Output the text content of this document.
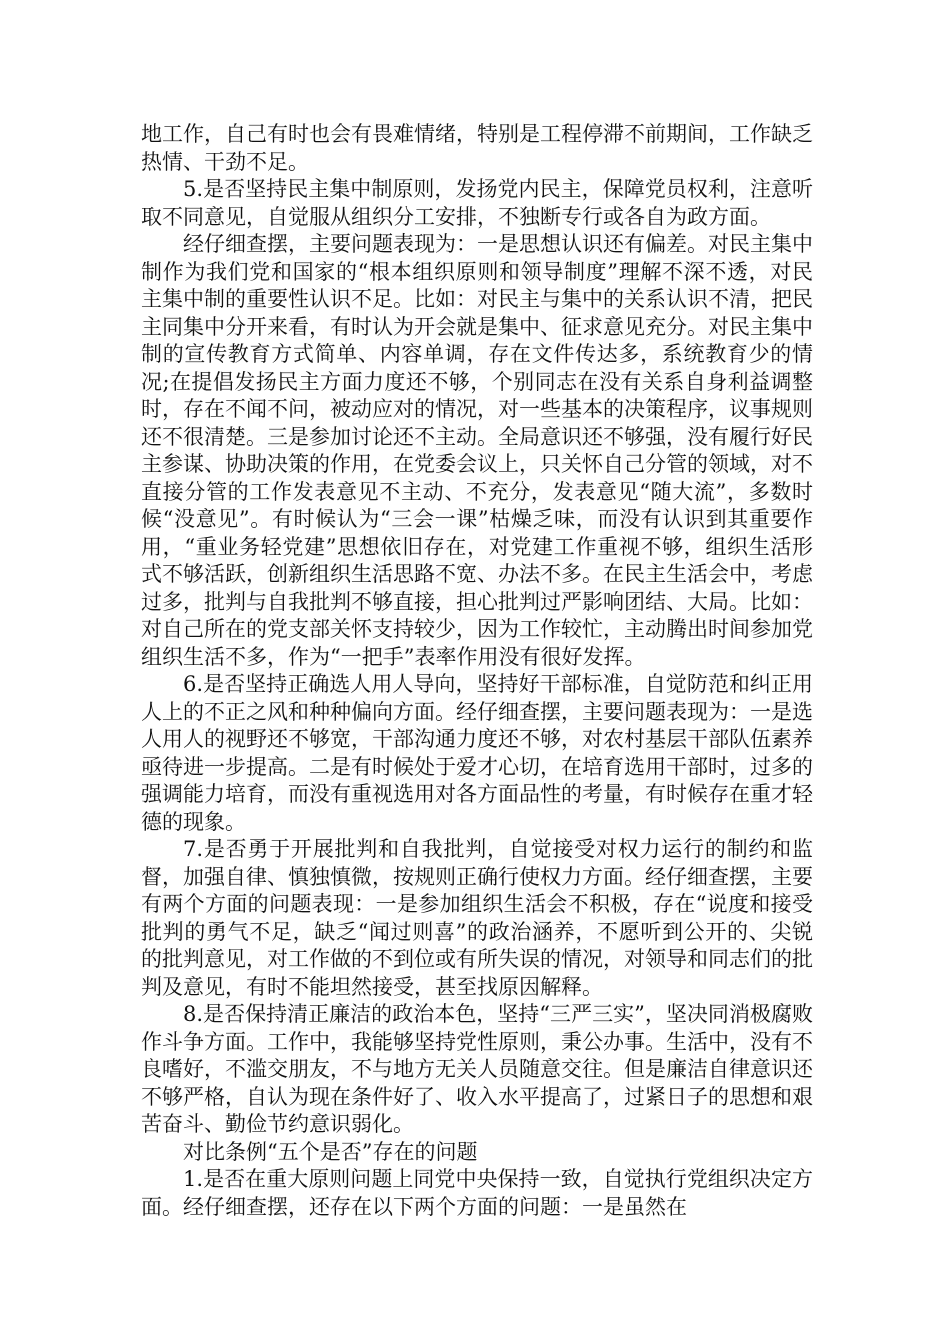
地工作，自己有时也会有畏难情绪，特别是工程停滞不前期间，工作缺乏热情、干劲不足。

5.是否坚持民主集中制原则，发扬党内民主，保障党员权利，注意听取不同意见，自觉服从组织分工安排，不独断专行或各自为政方面。

经仔细查摆，主要问题表现为：一是思想认识还有偏差。对民主集中制作为我们党和国家的“根本组织原则和领导制度”理解不深不透，对民主集中制的重要性认识不足。比如：对民主与集中的关系认识不清，把民主同集中分开来看，有时认为开会就是集中、征求意见充分。对民主集中制的宣传教育方式简单、内容单调，存在文件传达多，系统教育少的情况;在提倡发扬民主方面力度还不够，个别同志在没有关系自身利益调整时，存在不闻不问，被动应对的情况，对一些基本的决策程序，议事规则还不很清楚。三是参加讨论还不主动。全局意识还不够强，没有履行好民主参谋、协助决策的作用，在党委会议上，只关怀自己分管的领域，对不直接分管的工作发表意见不主动、不充分，发表意见“随大流”，多数时候“没意见”。有时候认为“三会一课”枯燥乏味，而没有认识到其重要作用，“重业务轻党建”思想依旧存在，对党建工作重视不够，组织生活形式不够活跃，创新组织生活思路不宽、办法不多。在民主生活会中，考虑过多，批判与自我批判不够直接，担心批判过严影响团结、大局。比如：对自己所在的党支部关怀支持较少，因为工作较忙，主动腾出时间参加党组织生活不多，作为“一把手”表率作用没有很好发挥。

6.是否坚持正确选人用人导向，坚持好干部标准，自觉防范和纠正用人上的不正之风和种种偏向方面。经仔细查摆，主要问题表现为：一是选人用人的视野还不够宽，干部沟通力度还不够，对农村基层干部队伍素养亟待进一步提高。二是有时候处于爱才心切，在培育选用干部时，过多的强调能力培育，而没有重视选用对各方面品性的考量，有时候存在重才轻德的现象。

7.是否勇于开展批判和自我批判，自觉接受对权力运行的制约和监督，加强自律、慎独慎微，按规则正确行使权力方面。经仔细查摆，主要有两个方面的问题表现：一是参加组织生活会不积极，存在“说度和接受批判的勇气不足，缺乏“闻过则喜”的政治涵养，不愿听到公开的、尖锐的批判意见，对工作做的不到位或有所失误的情况，对领导和同志们的批判及意见，有时不能坦然接受，甚至找原因解释。

8.是否保持清正廉洁的政治本色，坚持“三严三实”，坚决同消极腐败作斗争方面。工作中，我能够坚持党性原则，秉公办事。生活中，没有不良嗜好，不滥交朋友，不与地方无关人员随意交往。但是廉洁自律意识还不够严格，自认为现在条件好了、收入水平提高了，过紧日子的思想和艰苦奋斗、勤俭节约意识弱化。

对比条例“五个是否”存在的问题

1.是否在重大原则问题上同党中央保持一致，自觉执行党组织决定方面。经仔细查摆，还存在以下两个方面的问题：一是虽然在
